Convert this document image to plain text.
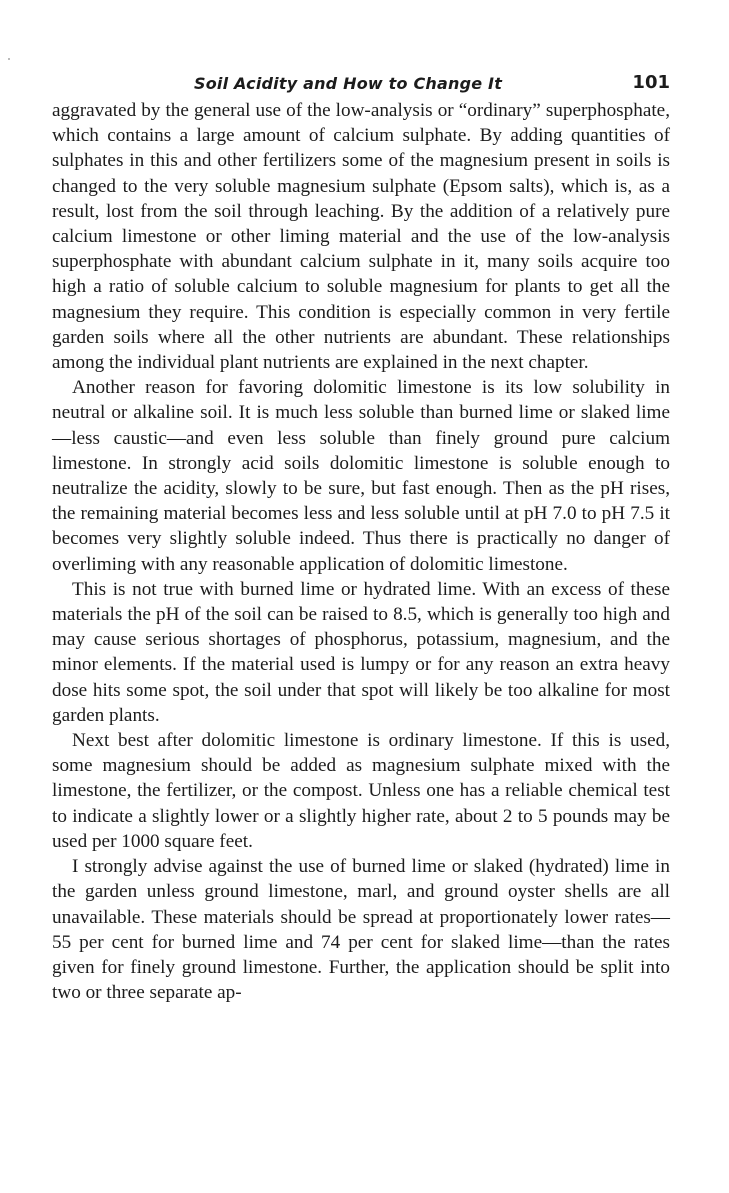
Soil Acidity and How to Change It	101

aggravated by the general use of the low-analysis or “ordinary” superphosphate, which contains a large amount of calcium sulphate. By adding quantities of sulphates in this and other fertilizers some of the magnesium present in soils is changed to the very soluble magnesium sulphate (Epsom salts), which is, as a result, lost from the soil through leaching. By the addition of a relatively pure calcium limestone or other liming material and the use of the low-analysis superphosphate with abundant calcium sulphate in it, many soils acquire too high a ratio of soluble calcium to soluble magnesium for plants to get all the magnesium they require. This condition is especially common in very fertile garden soils where all the other nutrients are abundant. These relationships among the individual plant nutrients are explained in the next chapter.

Another reason for favoring dolomitic limestone is its low solubility in neutral or alkaline soil. It is much less soluble than burned lime or slaked lime—less caustic—and even less soluble than finely ground pure calcium limestone. In strongly acid soils dolomitic limestone is soluble enough to neutralize the acidity, slowly to be sure, but fast enough. Then as the pH rises, the remaining material becomes less and less soluble until at pH 7.0 to pH 7.5 it becomes very slightly soluble indeed. Thus there is practically no danger of overliming with any reasonable application of dolomitic limestone.

This is not true with burned lime or hydrated lime. With an excess of these materials the pH of the soil can be raised to 8.5, which is generally too high and may cause serious shortages of phosphorus, potassium, magnesium, and the minor elements. If the material used is lumpy or for any reason an extra heavy dose hits some spot, the soil under that spot will likely be too alkaline for most garden plants.

Next best after dolomitic limestone is ordinary limestone. If this is used, some magnesium should be added as magnesium sulphate mixed with the limestone, the fertilizer, or the compost. Unless one has a reliable chemical test to indicate a slightly lower or a slightly higher rate, about 2 to 5 pounds may be used per 1000 square feet.

I strongly advise against the use of burned lime or slaked (hydrated) lime in the garden unless ground limestone, marl, and ground oyster shells are all unavailable. These materials should be spread at proportionately lower rates—55 per cent for burned lime and 74 per cent for slaked lime—than the rates given for finely ground limestone. Further, the application should be split into two or three separate ap-
